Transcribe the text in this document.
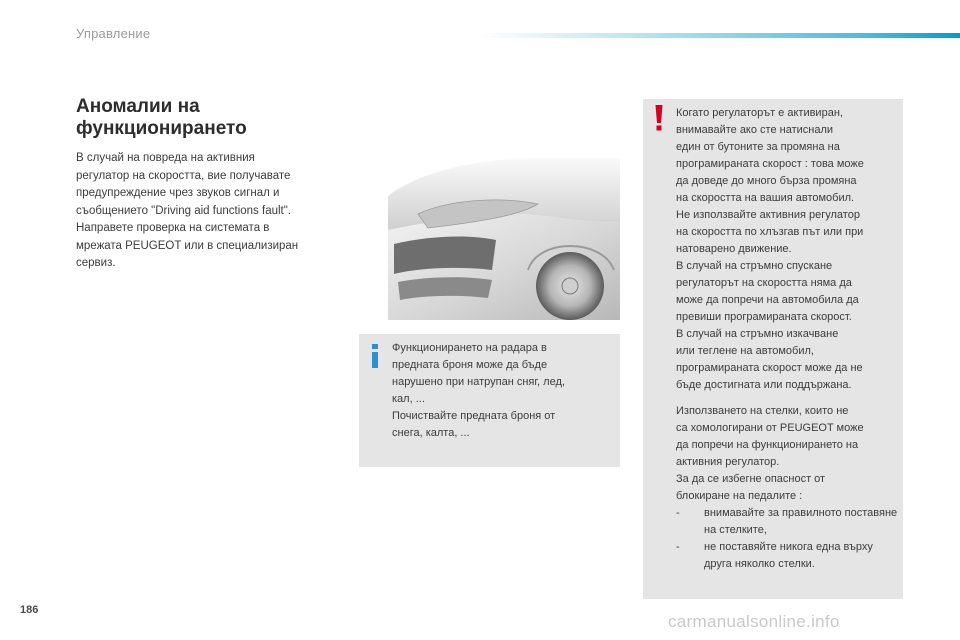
Управление
Аномалии на функционирането

В случай на повреда на активния
регулатор на скоростта, вие получавате
предупреждение чрез звуков сигнал и
съобщението "Driving aid functions fault".
Направете проверка на системата в
мрежата PEUGEOT или в специализиран
сервиз.

Функционирането на радара в
предната броня може да бъде
нарушено при натрупан сняг, лед,
кал, ...
Почиствайте предната броня от
снега, калта, ...

Когато регулаторът е активиран,
внимавайте ако сте натиснали
един от бутоните за промяна на
програмираната скорост : това може
да доведе до много бърза промяна
на скоростта на вашия автомобил.
Не използвайте активния регулатор
на скоростта по хлъзгав път или при
натоварено движение.
В случай на стръмно спускане
регулаторът на скоростта няма да
може да попречи на автомобила да
превиши програмираната скорост.
В случай на стръмно изкачване
или теглене на автомобил,
програмираната скорост може да не
бъде достигната или поддържана.

Използването на стелки, които не
са хомологирани от PEUGEOT може
да попречи на функционирането на
активния регулатор.
За да се избегне опасност от
блокиране на педалите :
- внимавайте за правилното поставяне на стелките,
- не поставяйте никога една върху друга няколко стелки.
186
carmanualsonline.info
